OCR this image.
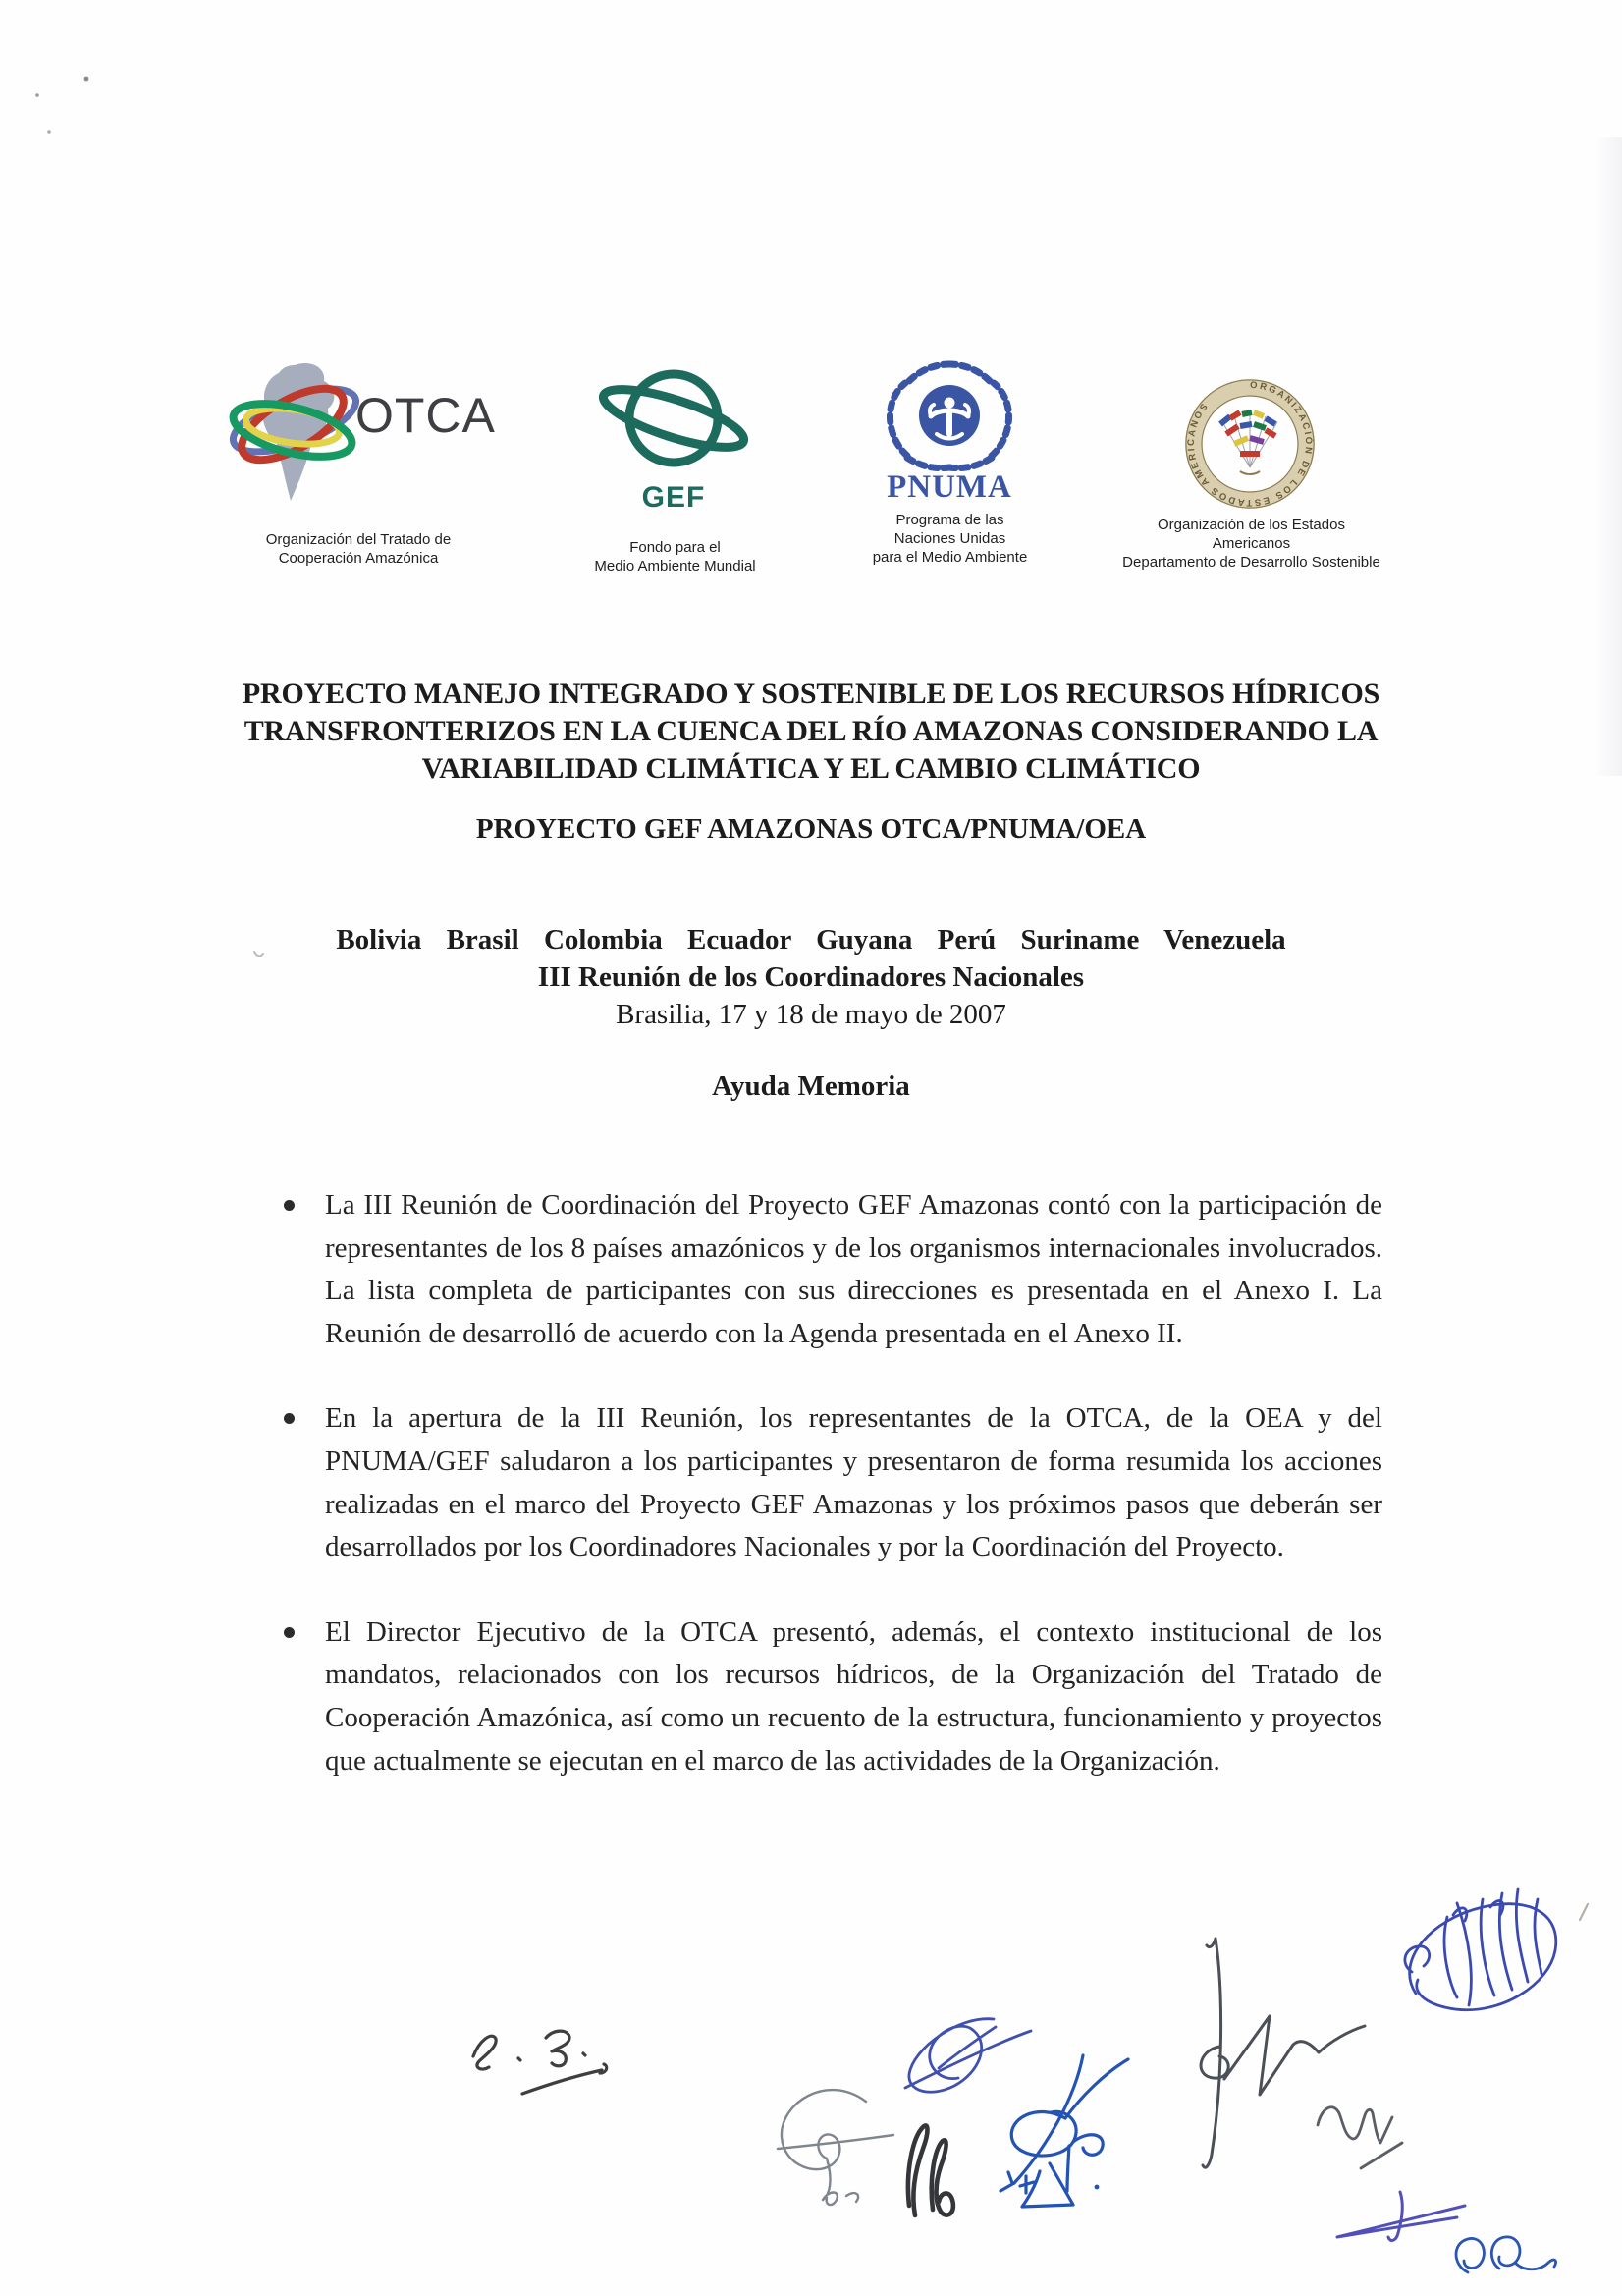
OTCA
Organización del Tratado de
Cooperación Amazónica
GEF
Fondo para el
Medio Ambiente Mundial
PNUMA
Programa de las
Naciones Unidas
para el Medio Ambiente
ORGANIZACIÓN DE LOS ESTADOS AMERICANOS
Organización de los Estados
Americanos
Departamento de Desarrollo Sostenible
PROYECTO MANEJO INTEGRADO Y SOSTENIBLE DE LOS RECURSOS HÍDRICOS
TRANSFRONTERIZOS EN LA CUENCA DEL RÍO AMAZONAS CONSIDERANDO LA
VARIABILIDAD CLIMÁTICA Y EL CAMBIO CLIMÁTICO
PROYECTO GEF AMAZONAS OTCA/PNUMA/OEA
Bolivia Brasil Colombia Ecuador Guyana Perú Suriname Venezuela
III Reunión de los Coordinadores Nacionales
Brasilia, 17 y 18 de mayo de 2007
Ayuda Memoria
La III Reunión de Coordinación del Proyecto GEF Amazonas contó con la participación de representantes de los 8 países amazónicos y de los organismos internacionales involucrados. La lista completa de participantes con sus direcciones es presentada en el Anexo I. La Reunión de desarrolló de acuerdo con la Agenda presentada en el Anexo II.
En la apertura de la III Reunión, los representantes de la OTCA, de la OEA y del PNUMA/GEF saludaron a los participantes y presentaron de forma resumida los acciones realizadas en el marco del Proyecto GEF Amazonas y los próximos pasos que deberán ser desarrollados por los Coordinadores Nacionales y por la Coordinación del Proyecto.
El Director Ejecutivo de la OTCA presentó, además, el contexto institucional de los mandatos, relacionados con los recursos hídricos, de la Organización del Tratado de Cooperación Amazónica, así como un recuento de la estructura, funcionamiento y proyectos que actualmente se ejecutan en el marco de las actividades de la Organización.
